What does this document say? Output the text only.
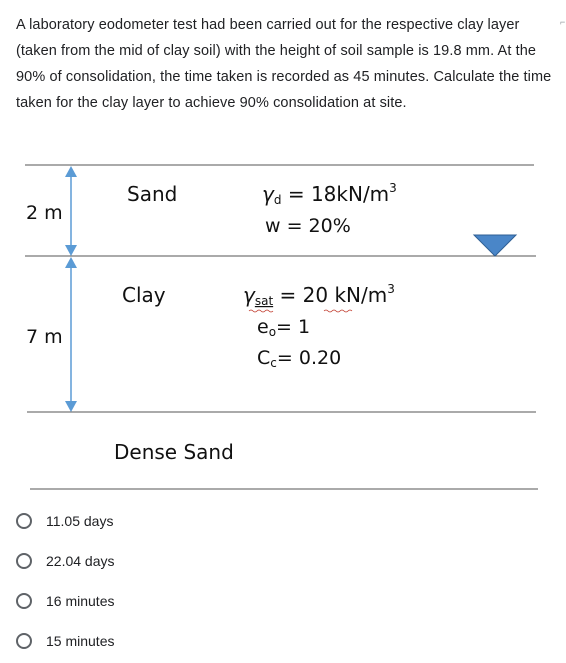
A laboratory eodometer test had been carried out for the respective clay layer (taken from the mid of clay soil) with the height of soil sample is 19.8 mm. At the 90% of consolidation, the time taken is recorded as 45 minutes. Calculate the time taken for the clay layer to achieve 90% consolidation at site.
⌐
2 m
7 m
Sand
Clay
Dense Sand
$\gamma d = 18kN/m^3$
w = 20%
γsat = 20 $kN/m^3$
eo= 1
Cc= 0.20
11.05 days
22.04 days
16 minutes
15 minutes
